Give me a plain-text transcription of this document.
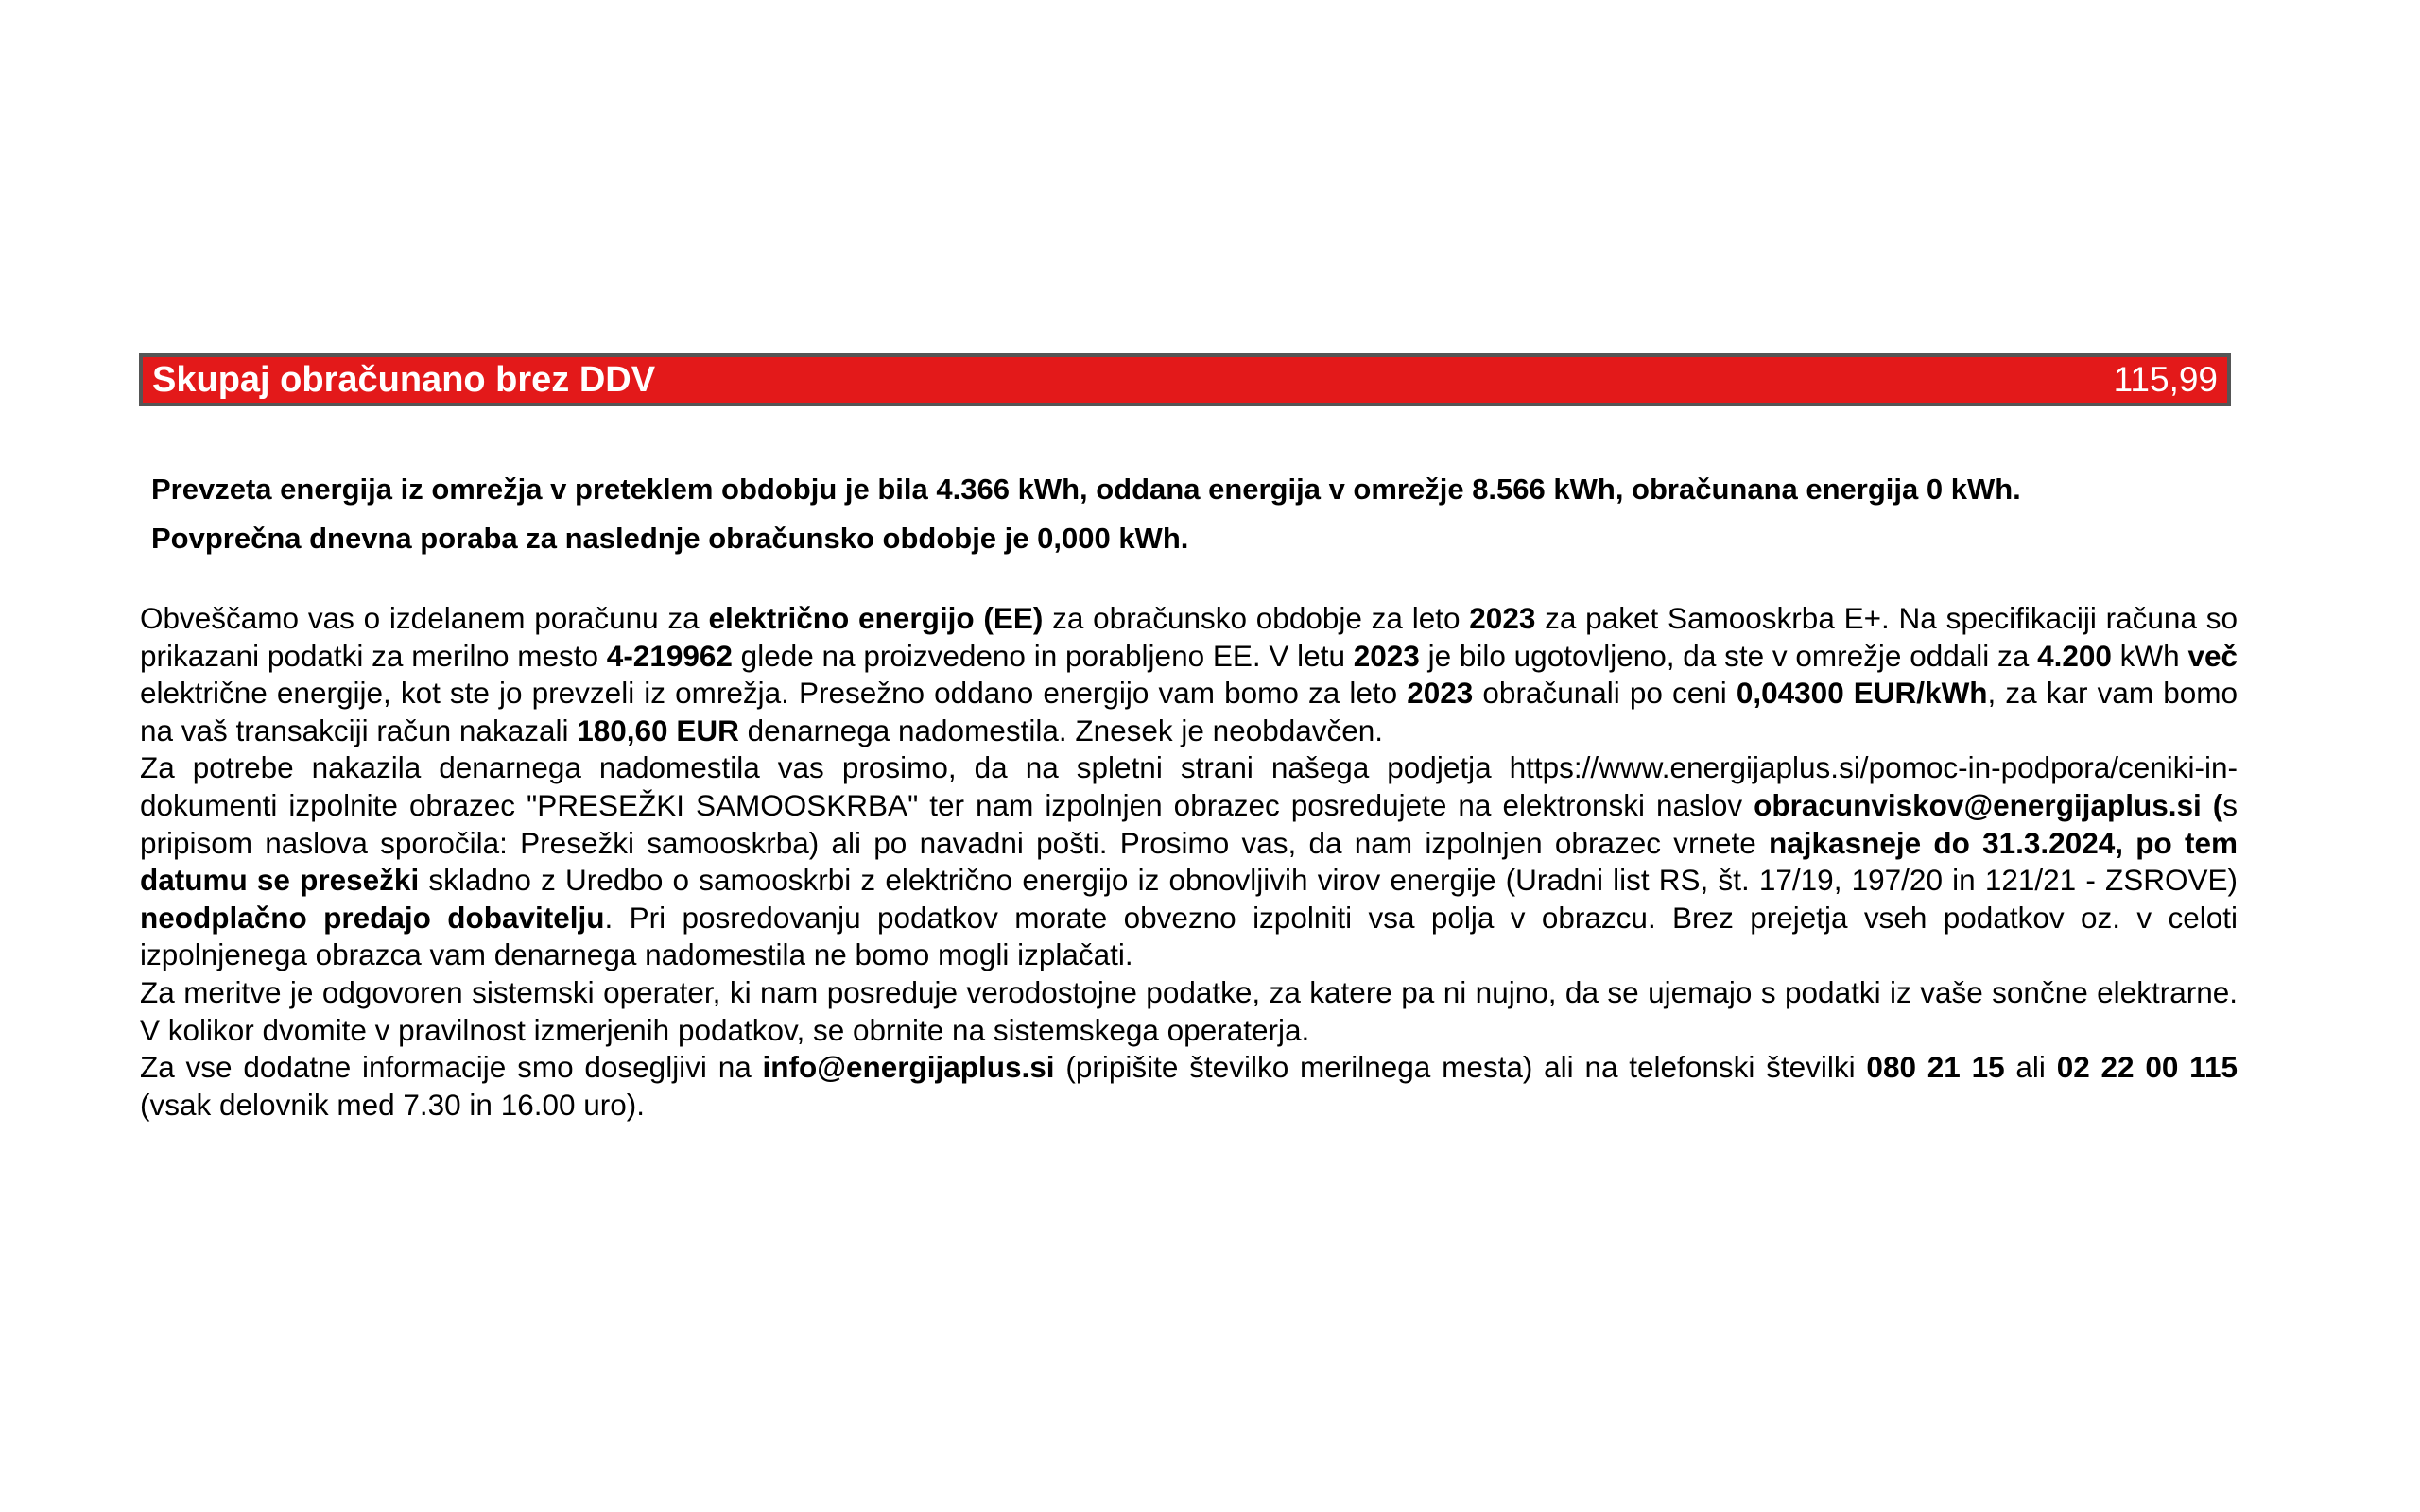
Skupaj obračunano brez DDV	115,99
Prevzeta energija iz omrežja v preteklem obdobju je bila 4.366 kWh, oddana energija v omrežje 8.566 kWh, obračunana energija 0 kWh.
Povprečna dnevna poraba za naslednje obračunsko obdobje je 0,000 kWh.

Obveščamo vas o izdelanem poračunu za električno energijo (EE) za obračunsko obdobje za leto 2023 za paket Samooskrba E+. Na specifikaciji računa so prikazani podatki za merilno mesto 4-219962 glede na proizvedeno in porabljeno EE. V letu 2023 je bilo ugotovljeno, da ste v omrežje oddali za 4.200 kWh več električne energije, kot ste jo prevzeli iz omrežja. Presežno oddano energijo vam bomo za leto 2023 obračunali po ceni 0,04300 EUR/kWh, za kar vam bomo na vaš transakciji račun nakazali 180,60 EUR denarnega nadomestila. Znesek je neobdavčen.

Za potrebe nakazila denarnega nadomestila vas prosimo, da na spletni strani našega podjetja https://www.energijaplus.si/pomoc-in-podpora/ceniki-in-dokumenti izpolnite obrazec "PRESEŽKI SAMOOSKRBA" ter nam izpolnjen obrazec posredujete na elektronski naslov obracunviskov@energijaplus.si (s pripisom naslova sporočila: Presežki samooskrba) ali po navadni pošti. Prosimo vas, da nam izpolnjen obrazec vrnete najkasneje do 31.3.2024, po tem datumu se presežki skladno z Uredbo o samooskrbi z električno energijo iz obnovljivih virov energije (Uradni list RS, št. 17/19, 197/20 in 121/21 - ZSROVE) neodplačno predajo dobavitelju. Pri posredovanju podatkov morate obvezno izpolniti vsa polja v obrazcu. Brez prejetja vseh podatkov oz. v celoti izpolnjenega obrazca vam denarnega nadomestila ne bomo mogli izplačati.

Za meritve je odgovoren sistemski operater, ki nam posreduje verodostojne podatke, za katere pa ni nujno, da se ujemajo s podatki iz vaše sončne elektrarne. V kolikor dvomite v pravilnost izmerjenih podatkov, se obrnite na sistemskega operaterja.

Za vse dodatne informacije smo dosegljivi na info@energijaplus.si (pripišite številko merilnega mesta) ali na telefonski številki 080 21 15 ali 02 22 00 115 (vsak delovnik med 7.30 in 16.00 uro).
